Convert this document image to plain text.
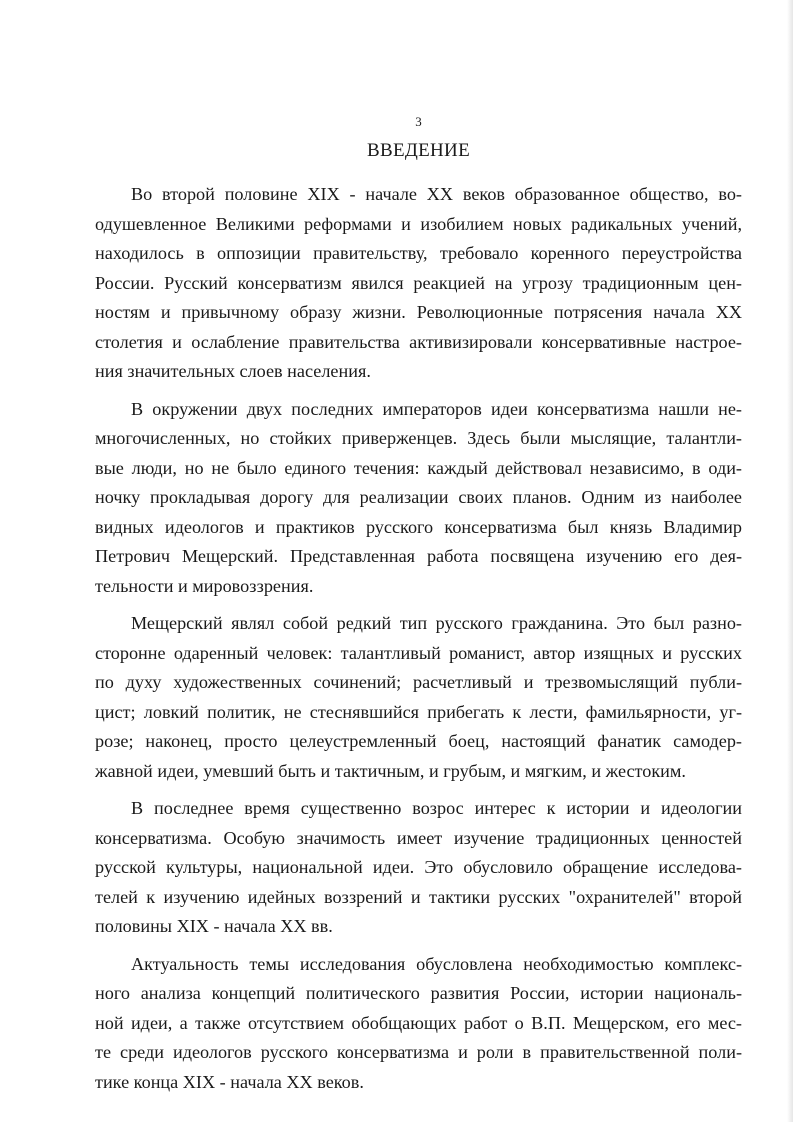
3
ВВЕДЕНИЕ
Во второй половине XIX - начале XX веков образованное общество, во-
одушевленное Великими реформами и изобилием новых радикальных учений,
находилось в оппозиции правительству, требовало коренного переустройства
России. Русский консерватизм явился реакцией на угрозу традиционным цен-
ностям и привычному образу жизни. Революционные потрясения начала XX
столетия и ослабление правительства активизировали консервативные настрое-
ния значительных слоев населения.
В окружении двух последних императоров идеи консерватизма нашли не-
многочисленных, но стойких приверженцев. Здесь были мыслящие, талантли-
вые люди, но не было единого течения: каждый действовал независимо, в оди-
ночку прокладывая дорогу для реализации своих планов. Одним из наиболее
видных идеологов и практиков русского консерватизма был князь Владимир
Петрович Мещерский. Представленная работа посвящена изучению его дея-
тельности и мировоззрения.
Мещерский являл собой редкий тип русского гражданина. Это был разно-
сторонне одаренный человек: талантливый романист, автор изящных и русских
по духу художественных сочинений; расчетливый и трезвомыслящий публи-
цист; ловкий политик, не стеснявшийся прибегать к лести, фамильярности, уг-
розе; наконец, просто целеустремленный боец, настоящий фанатик самодер-
жавной идеи, умевший быть и тактичным, и грубым, и мягким, и жестоким.
В последнее время существенно возрос интерес к истории и идеологии
консерватизма. Особую значимость имеет изучение традиционных ценностей
русской культуры, национальной идеи. Это обусловило обращение исследова-
телей к изучению идейных воззрений и тактики русских "охранителей" второй
половины XIX - начала XX вв.
Актуальность темы исследования обусловлена необходимостью комплекс-
ного анализа концепций политического развития России, истории националь-
ной идеи, а также отсутствием обобщающих работ о В.П. Мещерском, его мес-
те среди идеологов русского консерватизма и роли в правительственной поли-
тике конца XIX - начала XX веков.
